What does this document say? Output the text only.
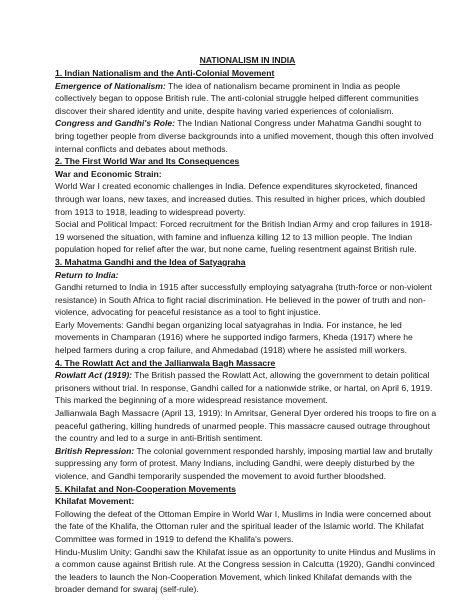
NATIONALISM IN INDIA
1. Indian Nationalism and the Anti-Colonial Movement

Emergence of Nationalism: The idea of nationalism became prominent in India as people collectively began to oppose British rule. The anti-colonial struggle helped different communities discover their shared identity and unite, despite having varied experiences of colonialism.

Congress and Gandhi's Role: The Indian National Congress under Mahatma Gandhi sought to bring together people from diverse backgrounds into a unified movement, though this often involved internal conflicts and debates about methods.

2. The First World War and Its Consequences
War and Economic Strain:

World War I created economic challenges in India. Defence expenditures skyrocketed, financed through war loans, new taxes, and increased duties. This resulted in higher prices, which doubled from 1913 to 1918, leading to widespread poverty.

Social and Political Impact: Forced recruitment for the British Indian Army and crop failures in 1918-19 worsened the situation, with famine and influenza killing 12 to 13 million people. The Indian population hoped for relief after the war, but none came, fueling resentment against British rule.

3. Mahatma Gandhi and the Idea of Satyagraha
Return to India:

Gandhi returned to India in 1915 after successfully employing satyagraha (truth-force or non-violent resistance) in South Africa to fight racial discrimination. He believed in the power of truth and non-violence, advocating for peaceful resistance as a tool to fight injustice.

Early Movements: Gandhi began organizing local satyagrahas in India. For instance, he led movements in Champaran (1916) where he supported indigo farmers, Kheda (1917) where he helped farmers during a crop failure, and Ahmedabad (1918) where he assisted mill workers.

4. The Rowlatt Act and the Jallianwala Bagh Massacre

Rowlatt Act (1919): The British passed the Rowlatt Act, allowing the government to detain political prisoners without trial. In response, Gandhi called for a nationwide strike, or hartal, on April 6, 1919. This marked the beginning of a more widespread resistance movement.

Jallianwala Bagh Massacre (April 13, 1919): In Amritsar, General Dyer ordered his troops to fire on a peaceful gathering, killing hundreds of unarmed people. This massacre caused outrage throughout the country and led to a surge in anti-British sentiment.

British Repression: The colonial government responded harshly, imposing martial law and brutally suppressing any form of protest. Many Indians, including Gandhi, were deeply disturbed by the violence, and Gandhi temporarily suspended the movement to avoid further bloodshed.

5. Khilafat and Non-Cooperation Movements
Khilafat Movement:

Following the defeat of the Ottoman Empire in World War I, Muslims in India were concerned about the fate of the Khalifa, the Ottoman ruler and the spiritual leader of the Islamic world. The Khilafat Committee was formed in 1919 to defend the Khalifa's powers.

Hindu-Muslim Unity: Gandhi saw the Khilafat issue as an opportunity to unite Hindus and Muslims in a common cause against British rule. At the Congress session in Calcutta (1920), Gandhi convinced the leaders to launch the Non-Cooperation Movement, which linked Khilafat demands with the broader demand for swaraj (self-rule).
